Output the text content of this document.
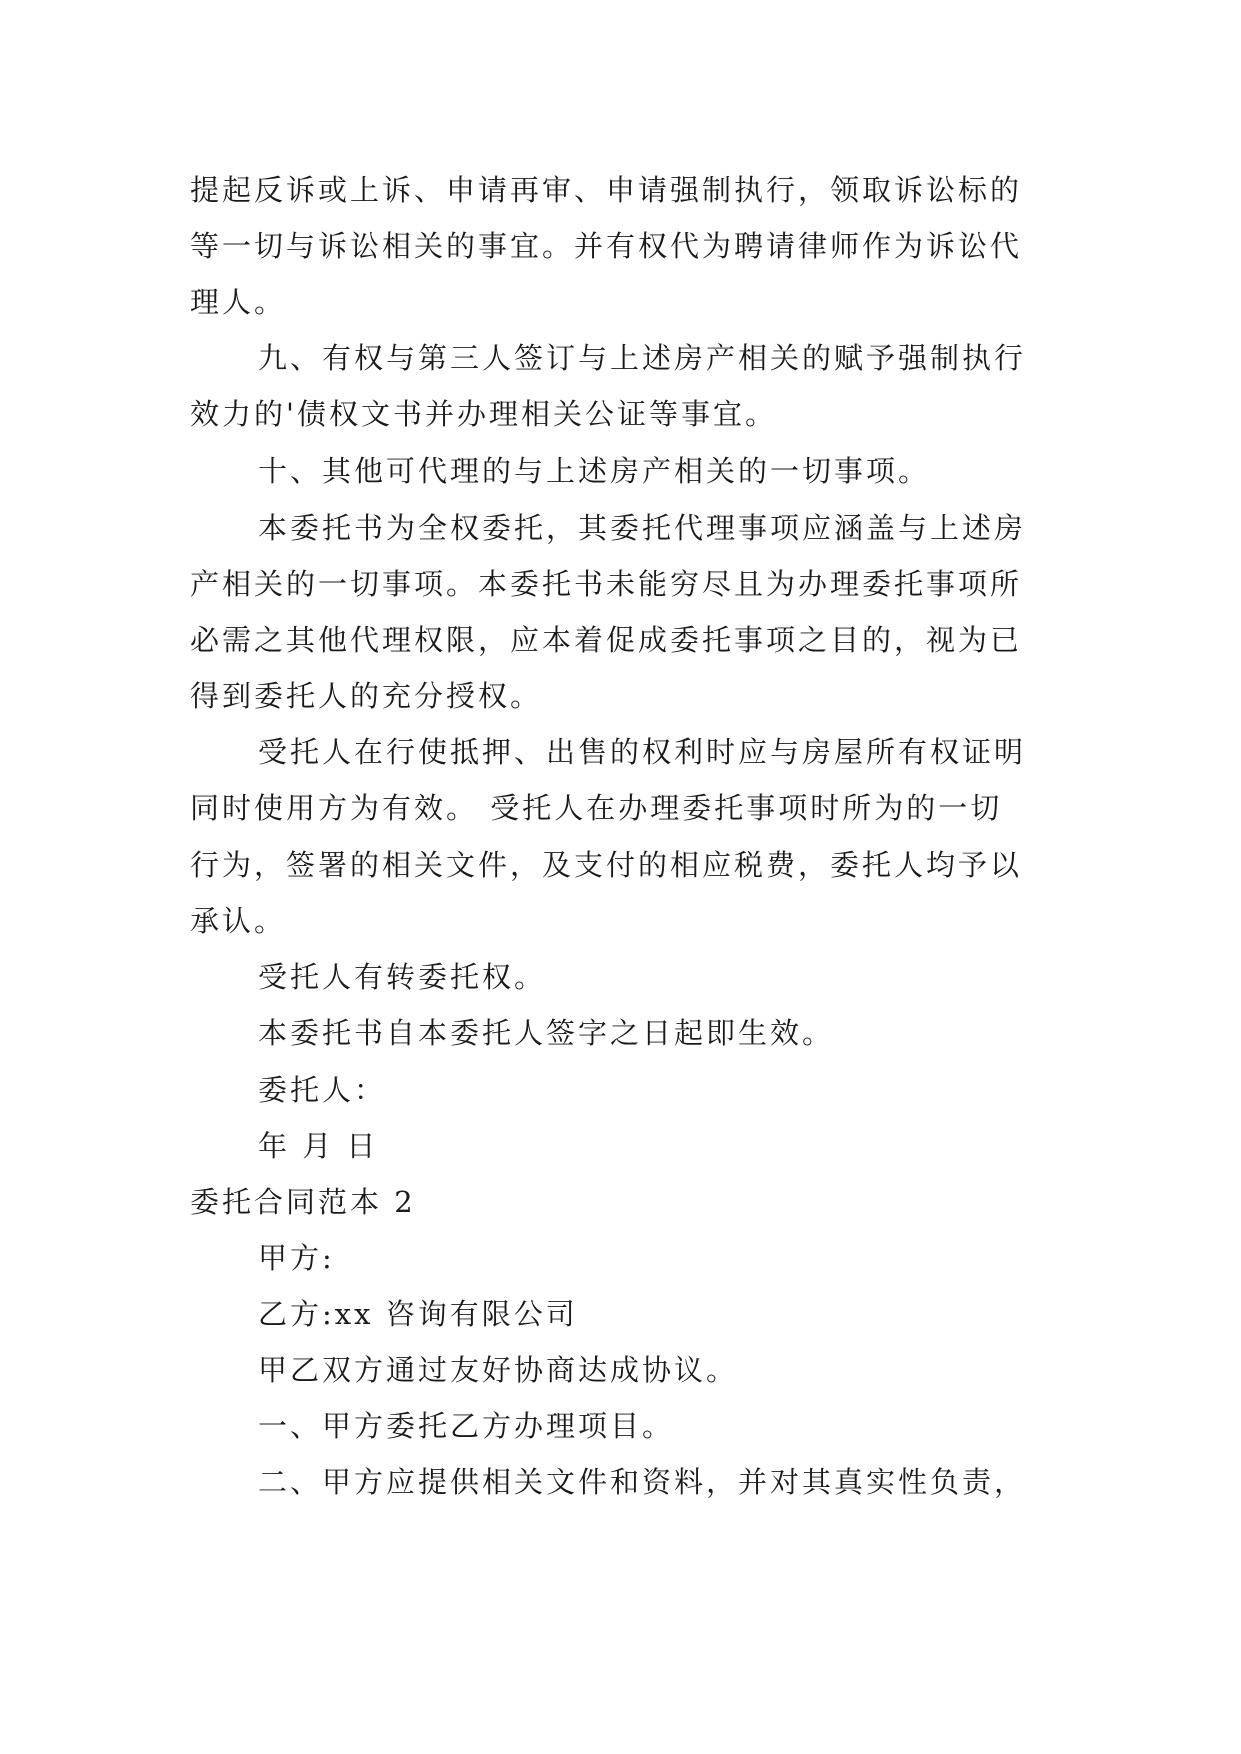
提起反诉或上诉、申请再审、申请强制执行，领取诉讼标的
等一切与诉讼相关的事宜。并有权代为聘请律师作为诉讼代
理人。
九、有权与第三人签订与上述房产相关的赋予强制执行
效力的'债权文书并办理相关公证等事宜。
十、其他可代理的与上述房产相关的一切事项。
本委托书为全权委托，其委托代理事项应涵盖与上述房
产相关的一切事项。本委托书未能穷尽且为办理委托事项所
必需之其他代理权限，应本着促成委托事项之目的，视为已
得到委托人的充分授权。
受托人在行使抵押、出售的权利时应与房屋所有权证明
同时使用方为有效。 受托人在办理委托事项时所为的一切
行为，签署的相关文件，及支付的相应税费，委托人均予以
承认。
受托人有转委托权。
本委托书自本委托人签字之日起即生效。
委托人：
年 月 日
委托合同范本 2
甲方:
乙方:xx 咨询有限公司
甲乙双方通过友好协商达成协议。
一、甲方委托乙方办理项目。
二、甲方应提供相关文件和资料，并对其真实性负责，
